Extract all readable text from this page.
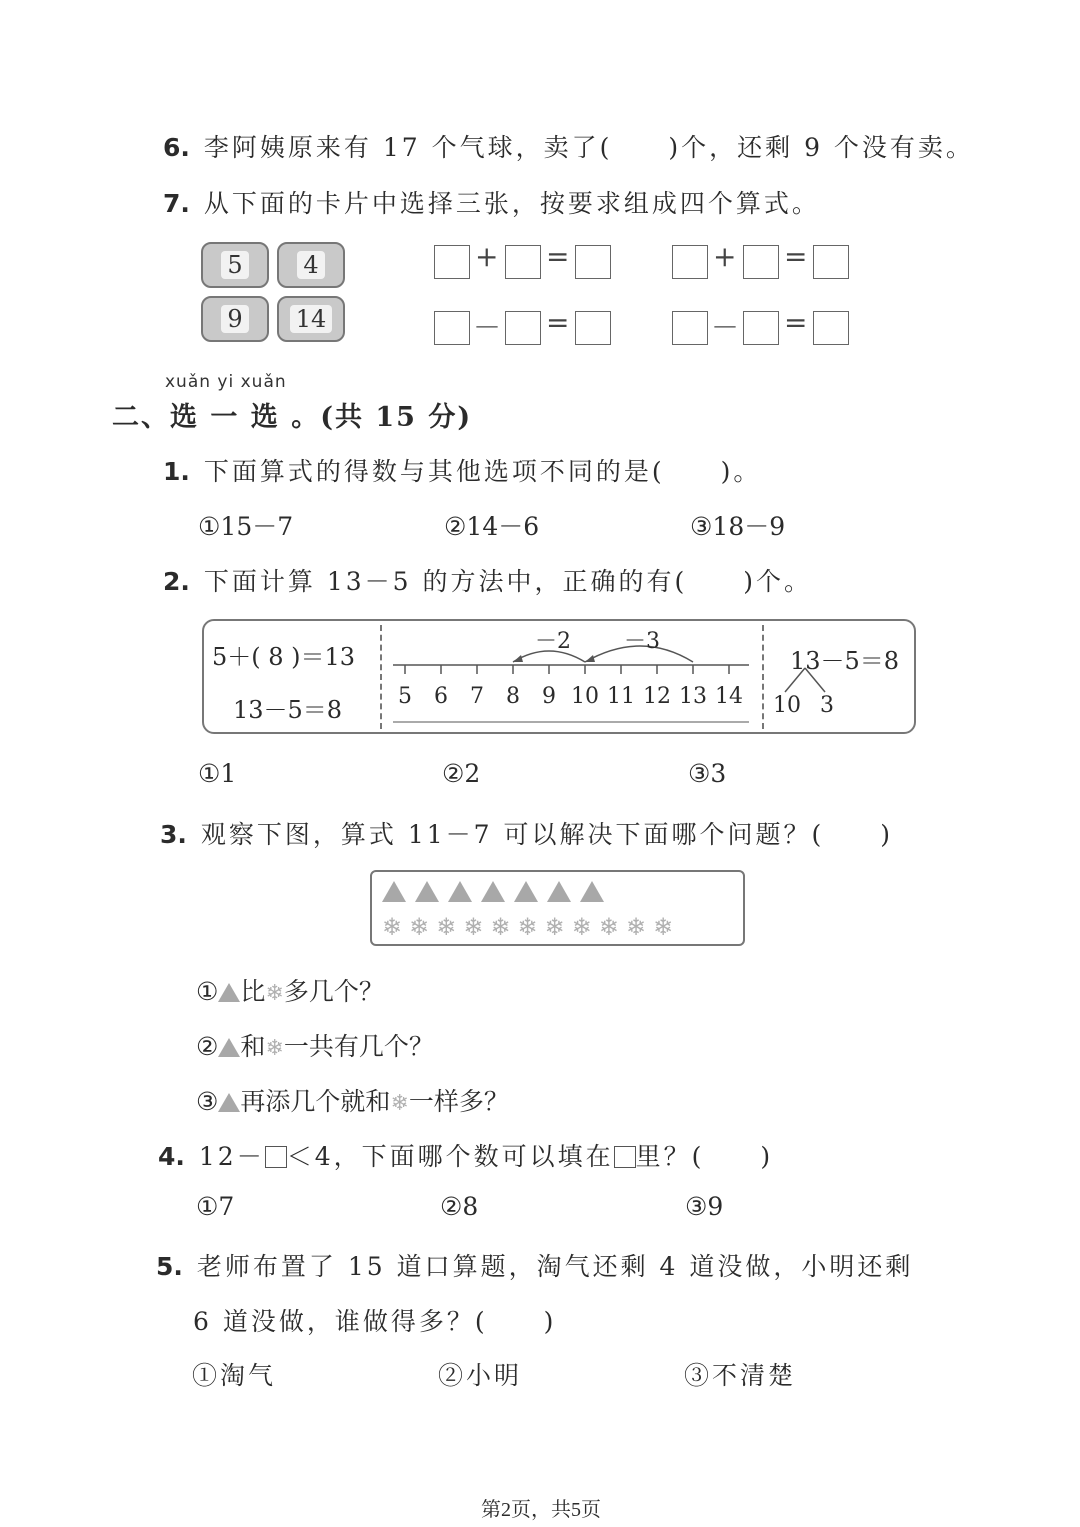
6. 李阿姨原来有 17 个气球，卖了(　　)个，还剩 9 个没有卖。
7. 从下面的卡片中选择三张，按要求组成四个算式。
5	4
9 14
+ =	+ =
－ =	－ =
xuǎn yi xuǎn
二、选 一 选 。(共 15 分)
1. 下面算式的得数与其他选项不同的是(　　)。
①15－7	②14－6	③18－9
2. 下面计算 13－5 的方法中，正确的有(　　)个。
5＋( 8 )＝13
13－5＝8
－2 －3
5	6	7	8	9 10 11 12 13 14
13－5＝8
10 3
①1	②2	③3
3. 观察下图，算式 11－7 可以解决下面哪个问题？(　　)
❄ ❄ ❄ ❄ ❄ ❄ ❄ ❄ ❄ ❄ ❄
① 比❄多几个？
② 和❄一共有几个？
③ 再添几个就和❄一样多？
4. 12－ ＜4，下面哪个数可以填在 里？(　　)
①7	②8	③9
5. 老师布置了 15 道口算题，淘气还剩 4 道没做，小明还剩
6 道没做，谁做得多？(　　)
①淘气	②小明	③不清楚
第2页，共5页
